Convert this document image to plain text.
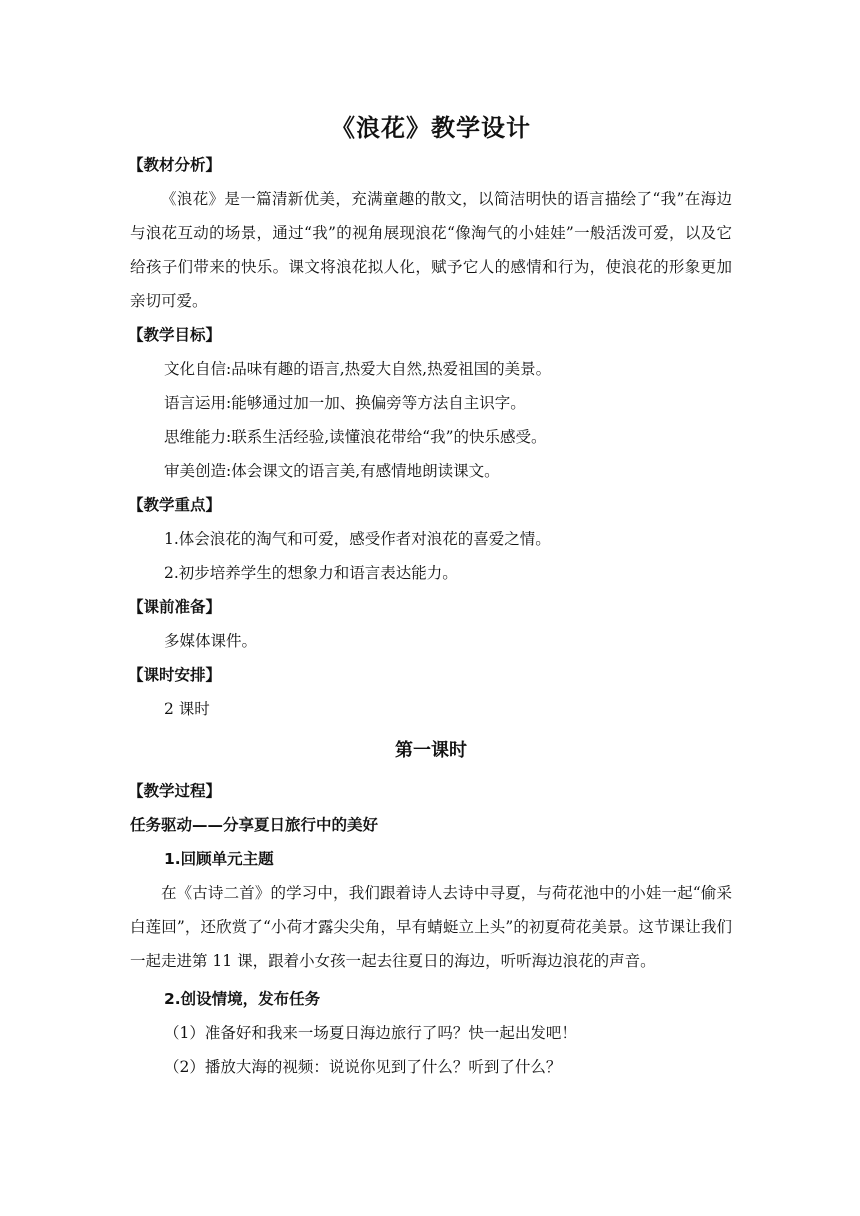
《浪花》教学设计
【教材分析】
《浪花》是一篇清新优美，充满童趣的散文，以简洁明快的语言描绘了“我”在海边与浪花互动的场景，通过“我”的视角展现浪花“像淘气的小娃娃”一般活泼可爱，以及它给孩子们带来的快乐。课文将浪花拟人化，赋予它人的感情和行为，使浪花的形象更加亲切可爱。
【教学目标】
文化自信:品味有趣的语言,热爱大自然,热爱祖国的美景。
语言运用:能够通过加一加、换偏旁等方法自主识字。
思维能力:联系生活经验,读懂浪花带给“我”的快乐感受。
审美创造:体会课文的语言美,有感情地朗读课文。
【教学重点】
1.体会浪花的淘气和可爱，感受作者对浪花的喜爱之情。
2.初步培养学生的想象力和语言表达能力。
【课前准备】
多媒体课件。
【课时安排】
2 课时
第一课时
【教学过程】
任务驱动——分享夏日旅行中的美好
1.回顾单元主题
在《古诗二首》的学习中，我们跟着诗人去诗中寻夏，与荷花池中的小娃一起“偷采白莲回”，还欣赏了“小荷才露尖尖角，早有蜻蜓立上头”的初夏荷花美景。这节课让我们一起走进第 11 课，跟着小女孩一起去往夏日的海边，听听海边浪花的声音。
2.创设情境，发布任务
（1）准备好和我来一场夏日海边旅行了吗？快一起出发吧！
（2）播放大海的视频：说说你见到了什么？听到了什么？
